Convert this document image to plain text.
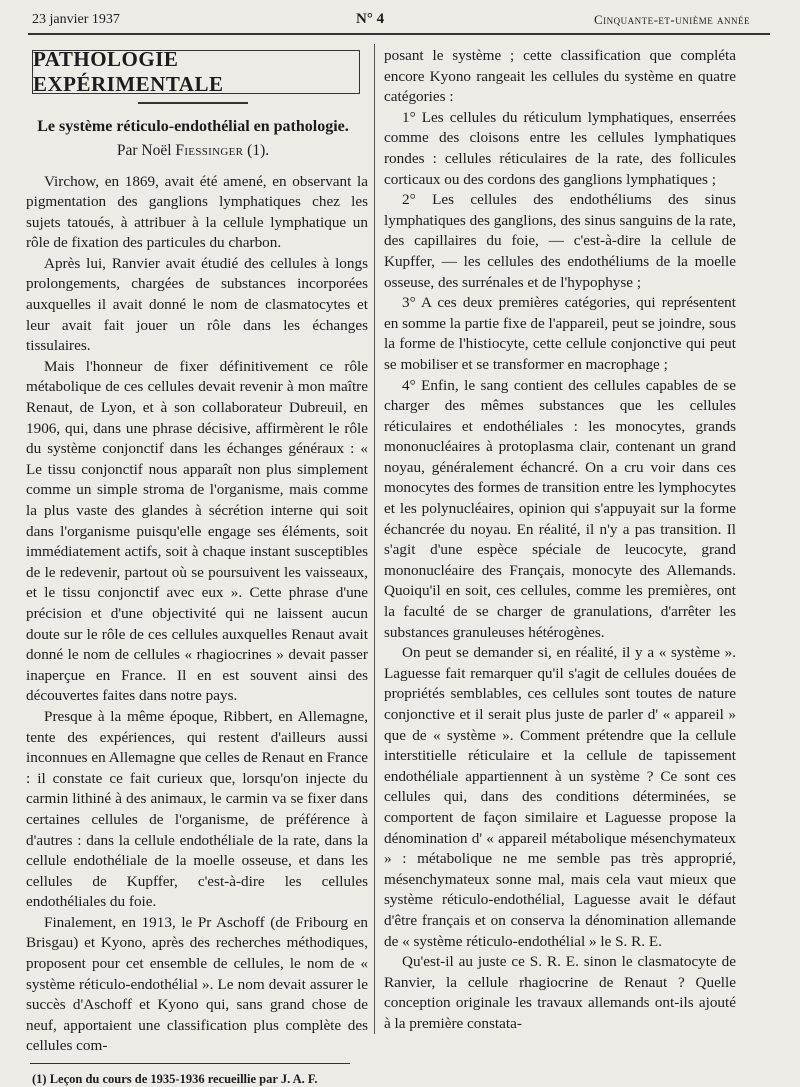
23 janvier 1937	N° 4	Cinquante-et-unième année
PATHOLOGIE EXPÉRIMENTALE
Le système réticulo-endothélial en pathologie.
Par Noël Fiessinger (1).

Virchow, en 1869, avait été amené, en observant la pigmentation des ganglions lymphatiques chez les sujets tatoués, à attribuer à la cellule lymphatique un rôle de fixation des particules du charbon.

Après lui, Ranvier avait étudié des cellules à longs prolongements, chargées de substances incorporées auxquelles il avait donné le nom de clasmatocytes et leur avait fait jouer un rôle dans les échanges tissulaires.

Mais l'honneur de fixer définitivement ce rôle métabolique de ces cellules devait revenir à mon maître Renaut, de Lyon, et à son collaborateur Dubreuil, en 1906, qui, dans une phrase décisive, affirmèrent le rôle du système conjonctif dans les échanges généraux : « Le tissu conjonctif nous apparaît non plus simplement comme un simple stroma de l'organisme, mais comme la plus vaste des glandes à sécrétion interne qui soit dans l'organisme puisqu'elle engage ses éléments, soit immédiatement actifs, soit à chaque instant susceptibles de le redevenir, partout où se poursuivent les vaisseaux, et le tissu conjonctif avec eux ». Cette phrase d'une précision et d'une objectivité qui ne laissent aucun doute sur le rôle de ces cellules auxquelles Renaut avait donné le nom de cellules « rhagiocrines » devait passer inaperçue en France. Il en est souvent ainsi des découvertes faites dans notre pays.

Presque à la même époque, Ribbert, en Allemagne, tente des expériences, qui restent d'ailleurs aussi inconnues en Allemagne que celles de Renaut en France : il constate ce fait curieux que, lorsqu'on injecte du carmin lithiné à des animaux, le carmin va se fixer dans certaines cellules de l'organisme, de préférence à d'autres : dans la cellule endothéliale de la rate, dans la cellule endothéliale de la moelle osseuse, et dans les cellules de Kupffer, c'est-à-dire les cellules endothéliales du foie.

Finalement, en 1913, le Pr Aschoff (de Fribourg en Brisgau) et Kyono, après des recherches méthodiques, proposent pour cet ensemble de cellules, le nom de « système réticulo-endothélial ». Le nom devait assurer le succès d'Aschoff et Kyono qui, sans grand chose de neuf, apportaient une classification plus complète des cellules com-

(1) Leçon du cours de 1935-1936 recueillie par J. A. F.

posant le système ; cette classification que compléta encore Kyono rangeait les cellules du système en quatre catégories :

1° Les cellules du réticulum lymphatiques, enserrées comme des cloisons entre les cellules lymphatiques rondes : cellules réticulaires de la rate, des follicules corticaux ou des cordons des ganglions lymphatiques ;

2° Les cellules des endothéliums des sinus lymphatiques des ganglions, des sinus sanguins de la rate, des capillaires du foie, — c'est-à-dire la cellule de Kupffer, — les cellules des endothéliums de la moelle osseuse, des surrénales et de l'hypophyse ;

3° A ces deux premières catégories, qui représentent en somme la partie fixe de l'appareil, peut se joindre, sous la forme de l'histiocyte, cette cellule conjonctive qui peut se mobiliser et se transformer en macrophage ;

4° Enfin, le sang contient des cellules capables de se charger des mêmes substances que les cellules réticulaires et endothéliales : les monocytes, grands mononucléaires à protoplasma clair, contenant un grand noyau, généralement échancré. On a cru voir dans ces monocytes des formes de transition entre les lymphocytes et les polynucléaires, opinion qui s'appuyait sur la forme échancrée du noyau. En réalité, il n'y a pas transition. Il s'agit d'une espèce spéciale de leucocyte, grand mononucléaire des Français, monocyte des Allemands. Quoiqu'il en soit, ces cellules, comme les premières, ont la faculté de se charger de granulations, d'arrêter les substances granuleuses hétérogènes.

On peut se demander si, en réalité, il y a « système ». Laguesse fait remarquer qu'il s'agit de cellules douées de propriétés semblables, ces cellules sont toutes de nature conjonctive et il serait plus juste de parler d' « appareil » que de « système ». Comment prétendre que la cellule interstitielle réticulaire et la cellule de tapissement endothéliale appartiennent à un système ? Ce sont ces cellules qui, dans des conditions déterminées, se comportent de façon similaire et Laguesse propose la dénomination d' « appareil métabolique mésenchymateux » : métabolique ne me semble pas très approprié, mésenchymateux sonne mal, mais cela vaut mieux que système réticulo-endothélial, Laguesse avait le défaut d'être français et on conserva la dénomination allemande de « système réticulo-endothélial » le S. R. E.

Qu'est-il au juste ce S. R. E. sinon le clasmatocyte de Ranvier, la cellule rhagiocrine de Renaut ? Quelle conception originale les travaux allemands ont-ils ajouté à la première constata-
